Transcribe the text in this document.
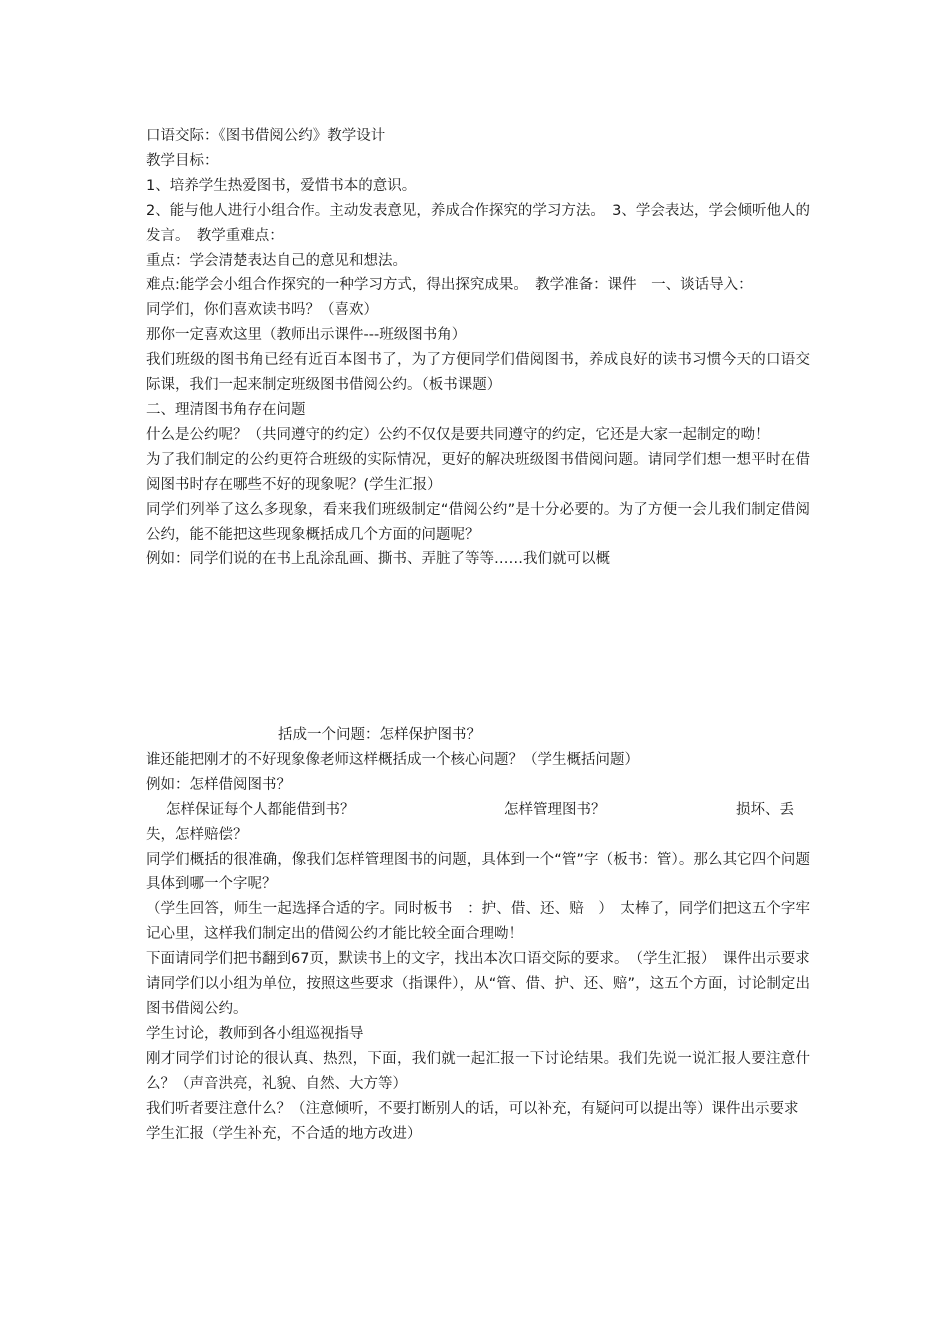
口语交际：《图书借阅公约》教学设计

教学目标：

1、培养学生热爱图书，爱惜书本的意识。

2、能与他人进行小组合作。主动发表意见，养成合作探究的学习方法。　3、学会表达，学会倾听他人的发言。　教学重难点：

重点：学会清楚表达自己的意见和想法。

难点:能学会小组合作探究的一种学习方式，得出探究成果。　教学准备：课件　一、谈话导入：

同学们，你们喜欢读书吗？（喜欢）

那你一定喜欢这里（教师出示课件---班级图书角）

我们班级的图书角已经有近百本图书了，为了方便同学们借阅图书，养成良好的读书习惯今天的口语交际课，我们一起来制定班级图书借阅公约。（板书课题）

二、理清图书角存在问题

什么是公约呢？（共同遵守的约定）公约不仅仅是要共同遵守的约定，它还是大家一起制定的呦！

为了我们制定的公约更符合班级的实际情况，更好的解决班级图书借阅问题。请同学们想一想平时在借阅图书时存在哪些不好的现象呢？(学生汇报）

同学们列举了这么多现象，看来我们班级制定“借阅公约”是十分必要的。为了方便一会儿我们制定借阅公约，能不能把这些现象概括成几个方面的问题呢？

例如：同学们说的在书上乱涂乱画、撕书、弄脏了等等……我们就可以概

括成一个问题：怎样保护图书？

谁还能把刚才的不好现象像老师这样概括成一个核心问题？（学生概括问题）

例如：怎样借阅图书？

怎样保证每个人都能借到书？	怎样管理图书？	损坏、丢

失，怎样赔偿？

同学们概括的很准确，像我们怎样管理图书的问题，具体到一个“管”字（板书：管）。那么其它四个问题具体到哪一个字呢？

（学生回答，师生一起选择合适的字。同时板书　：护、借、还、赔　）　太棒了，同学们把这五个字牢记心里，这样我们制定出的借阅公约才能比较全面合理呦！

下面请同学们把书翻到67页，默读书上的文字，找出本次口语交际的要求。　（学生汇报）　课件出示要求

请同学们以小组为单位，按照这些要求（指课件），从“管、借、护、还、赔”，这五个方面，讨论制定出图书借阅公约。

学生讨论，教师到各小组巡视指导

刚才同学们讨论的很认真、热烈，下面，我们就一起汇报一下讨论结果。我们先说一说汇报人要注意什么？（声音洪亮，礼貌、自然、大方等）

我们听者要注意什么？（注意倾听，不要打断别人的话，可以补充，有疑问可以提出等）课件出示要求

学生汇报（学生补充，不合适的地方改进）
